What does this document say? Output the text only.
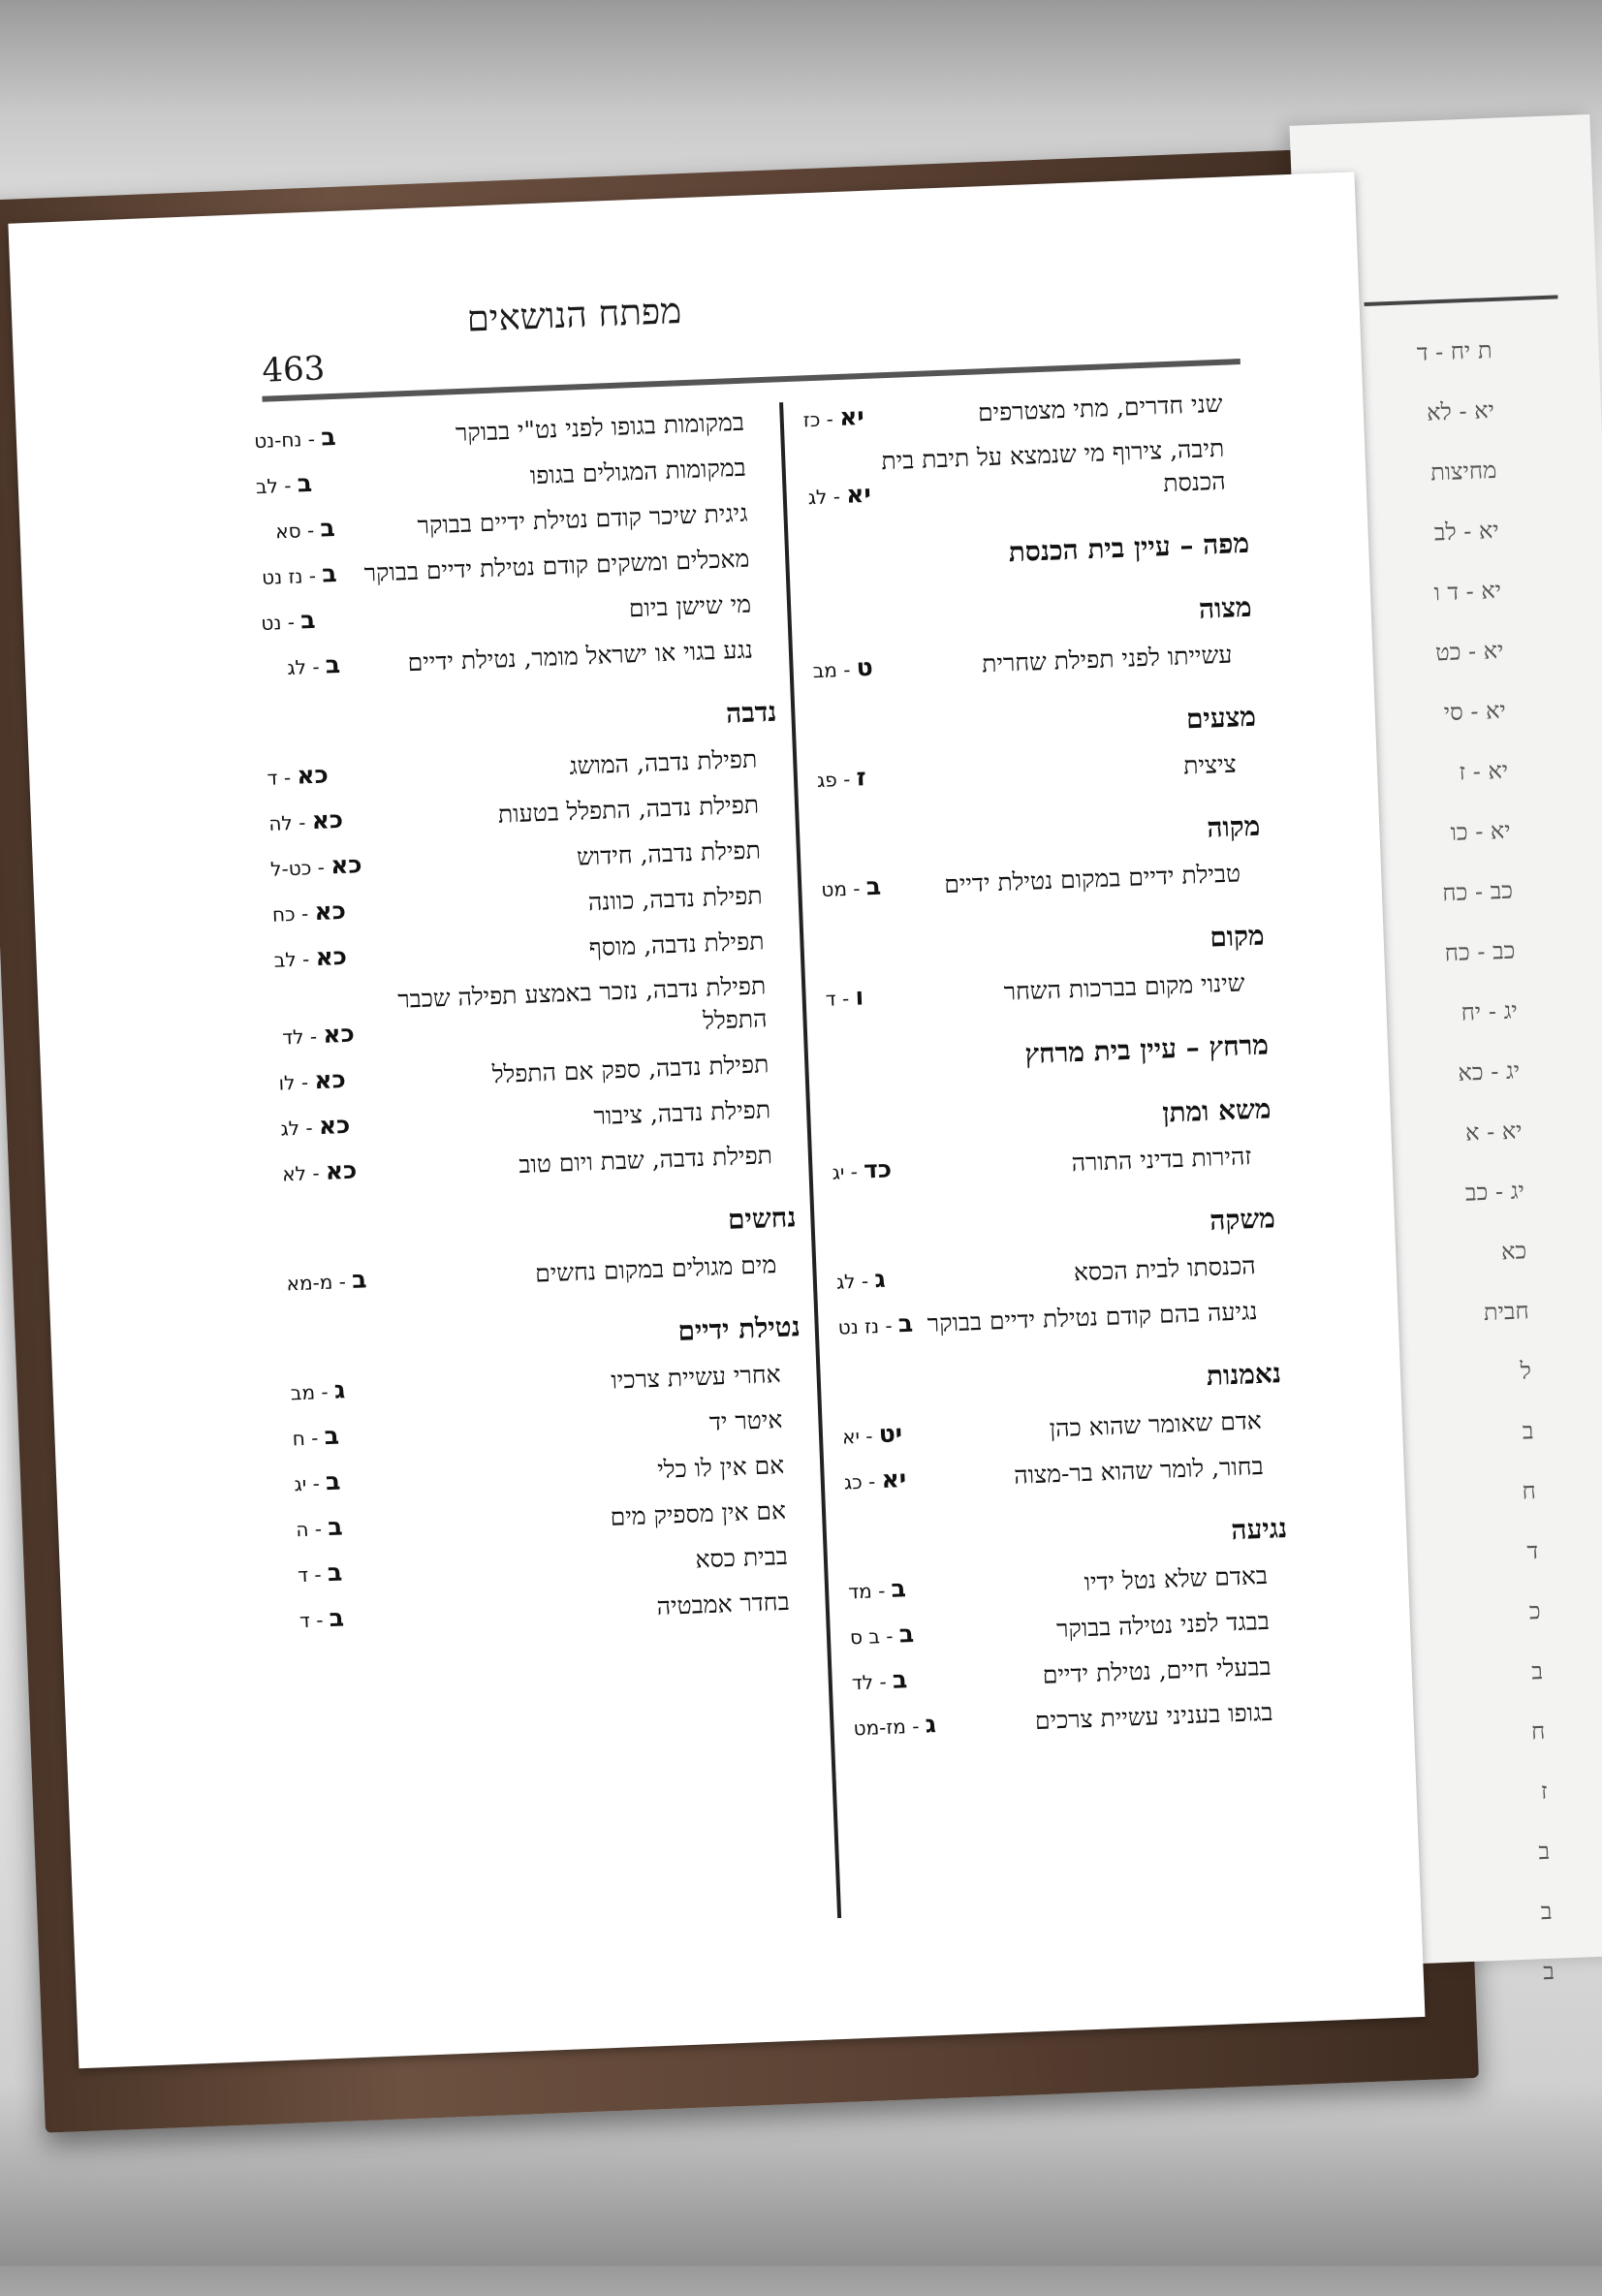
ת יח - ד
יא - לא
מחיצות
יא - לב
יא - ד ו
יא - כט
יא - סי
יא - ז
יא - כו
כב - כח
כב - כח
יג - יח
יג - כא
יא - א
יג - כב
כא
חבית
ל
ב
ח
ד
כ
ב
ח
ז
ב
ב
ב
מפתח הנושאים
463
שני חדרים, מתי מצטרפים
יא - כז
תיבה, צירוף מי שנמצא על תיבת בית הכנסת
יא - לג
מפה – עיין בית הכנסת
מצוה
עשייתו לפני תפילת שחרית
ט - מב
מצעים
ציצית
ז - פג
מקוה
טבילת ידיים במקום נטילת ידיים
ב - מט
מקום
שינוי מקום בברכות השחר
ו - ד
מרחץ – עיין בית מרחץ
משא ומתן
זהירות בדיני התורה
כד - יג
משקה
הכנסתו לבית הכסא
ג - לג
נגיעה בהם קודם נטילת ידיים בבוקר
ב - נז נט
נאמנות
אדם שאומר שהוא כהן
יט - יא
בחור, לומר שהוא בר-מצוה
יא - כג
נגיעה
באדם שלא נטל ידיו
ב - מד
בבגד לפני נטילה בבוקר
ב - ב ס
בבעלי חיים, נטילת ידיים
ב - לד
בגופו בעניני עשיית צרכים
ג - מז-מט
במקומות בגופו לפני נט"י בבוקר
ב - נח-נט
במקומות המגולים בגופו
ב - לב
גיגית שיכר קודם נטילת ידיים בבוקר
ב - סא
מאכלים ומשקים קודם נטילת ידיים בבוקר
ב - נז נט
מי שישן ביום
ב - נט
נגע בגוי או ישראל מומר, נטילת ידיים
ב - לג
נדבה
תפילת נדבה, המושג
כא - ד
תפילת נדבה, התפלל בטעות
כא - לה
תפילת נדבה, חידוש
כא - כט-ל
תפילת נדבה, כוונה
כא - כח
תפילת נדבה, מוסף
כא - לב
תפילת נדבה, נזכר באמצע תפילה שכבר התפלל
כא - לד
תפילת נדבה, ספק אם התפלל
כא - לו
תפילת נדבה, ציבור
כא - לג
תפילת נדבה, שבת ויום טוב
כא - לא
נחשים
מים מגולים במקום נחשים
ב - מ-מא
נטילת ידיים
אחרי עשיית צרכיו
ג - מב
איטר יד
ב - ח
אם אין לו כלי
ב - יג
אם אין מספיק מים
ב - ה
בבית כסא
ב - ד
בחדר אמבטיה
ב - ד
